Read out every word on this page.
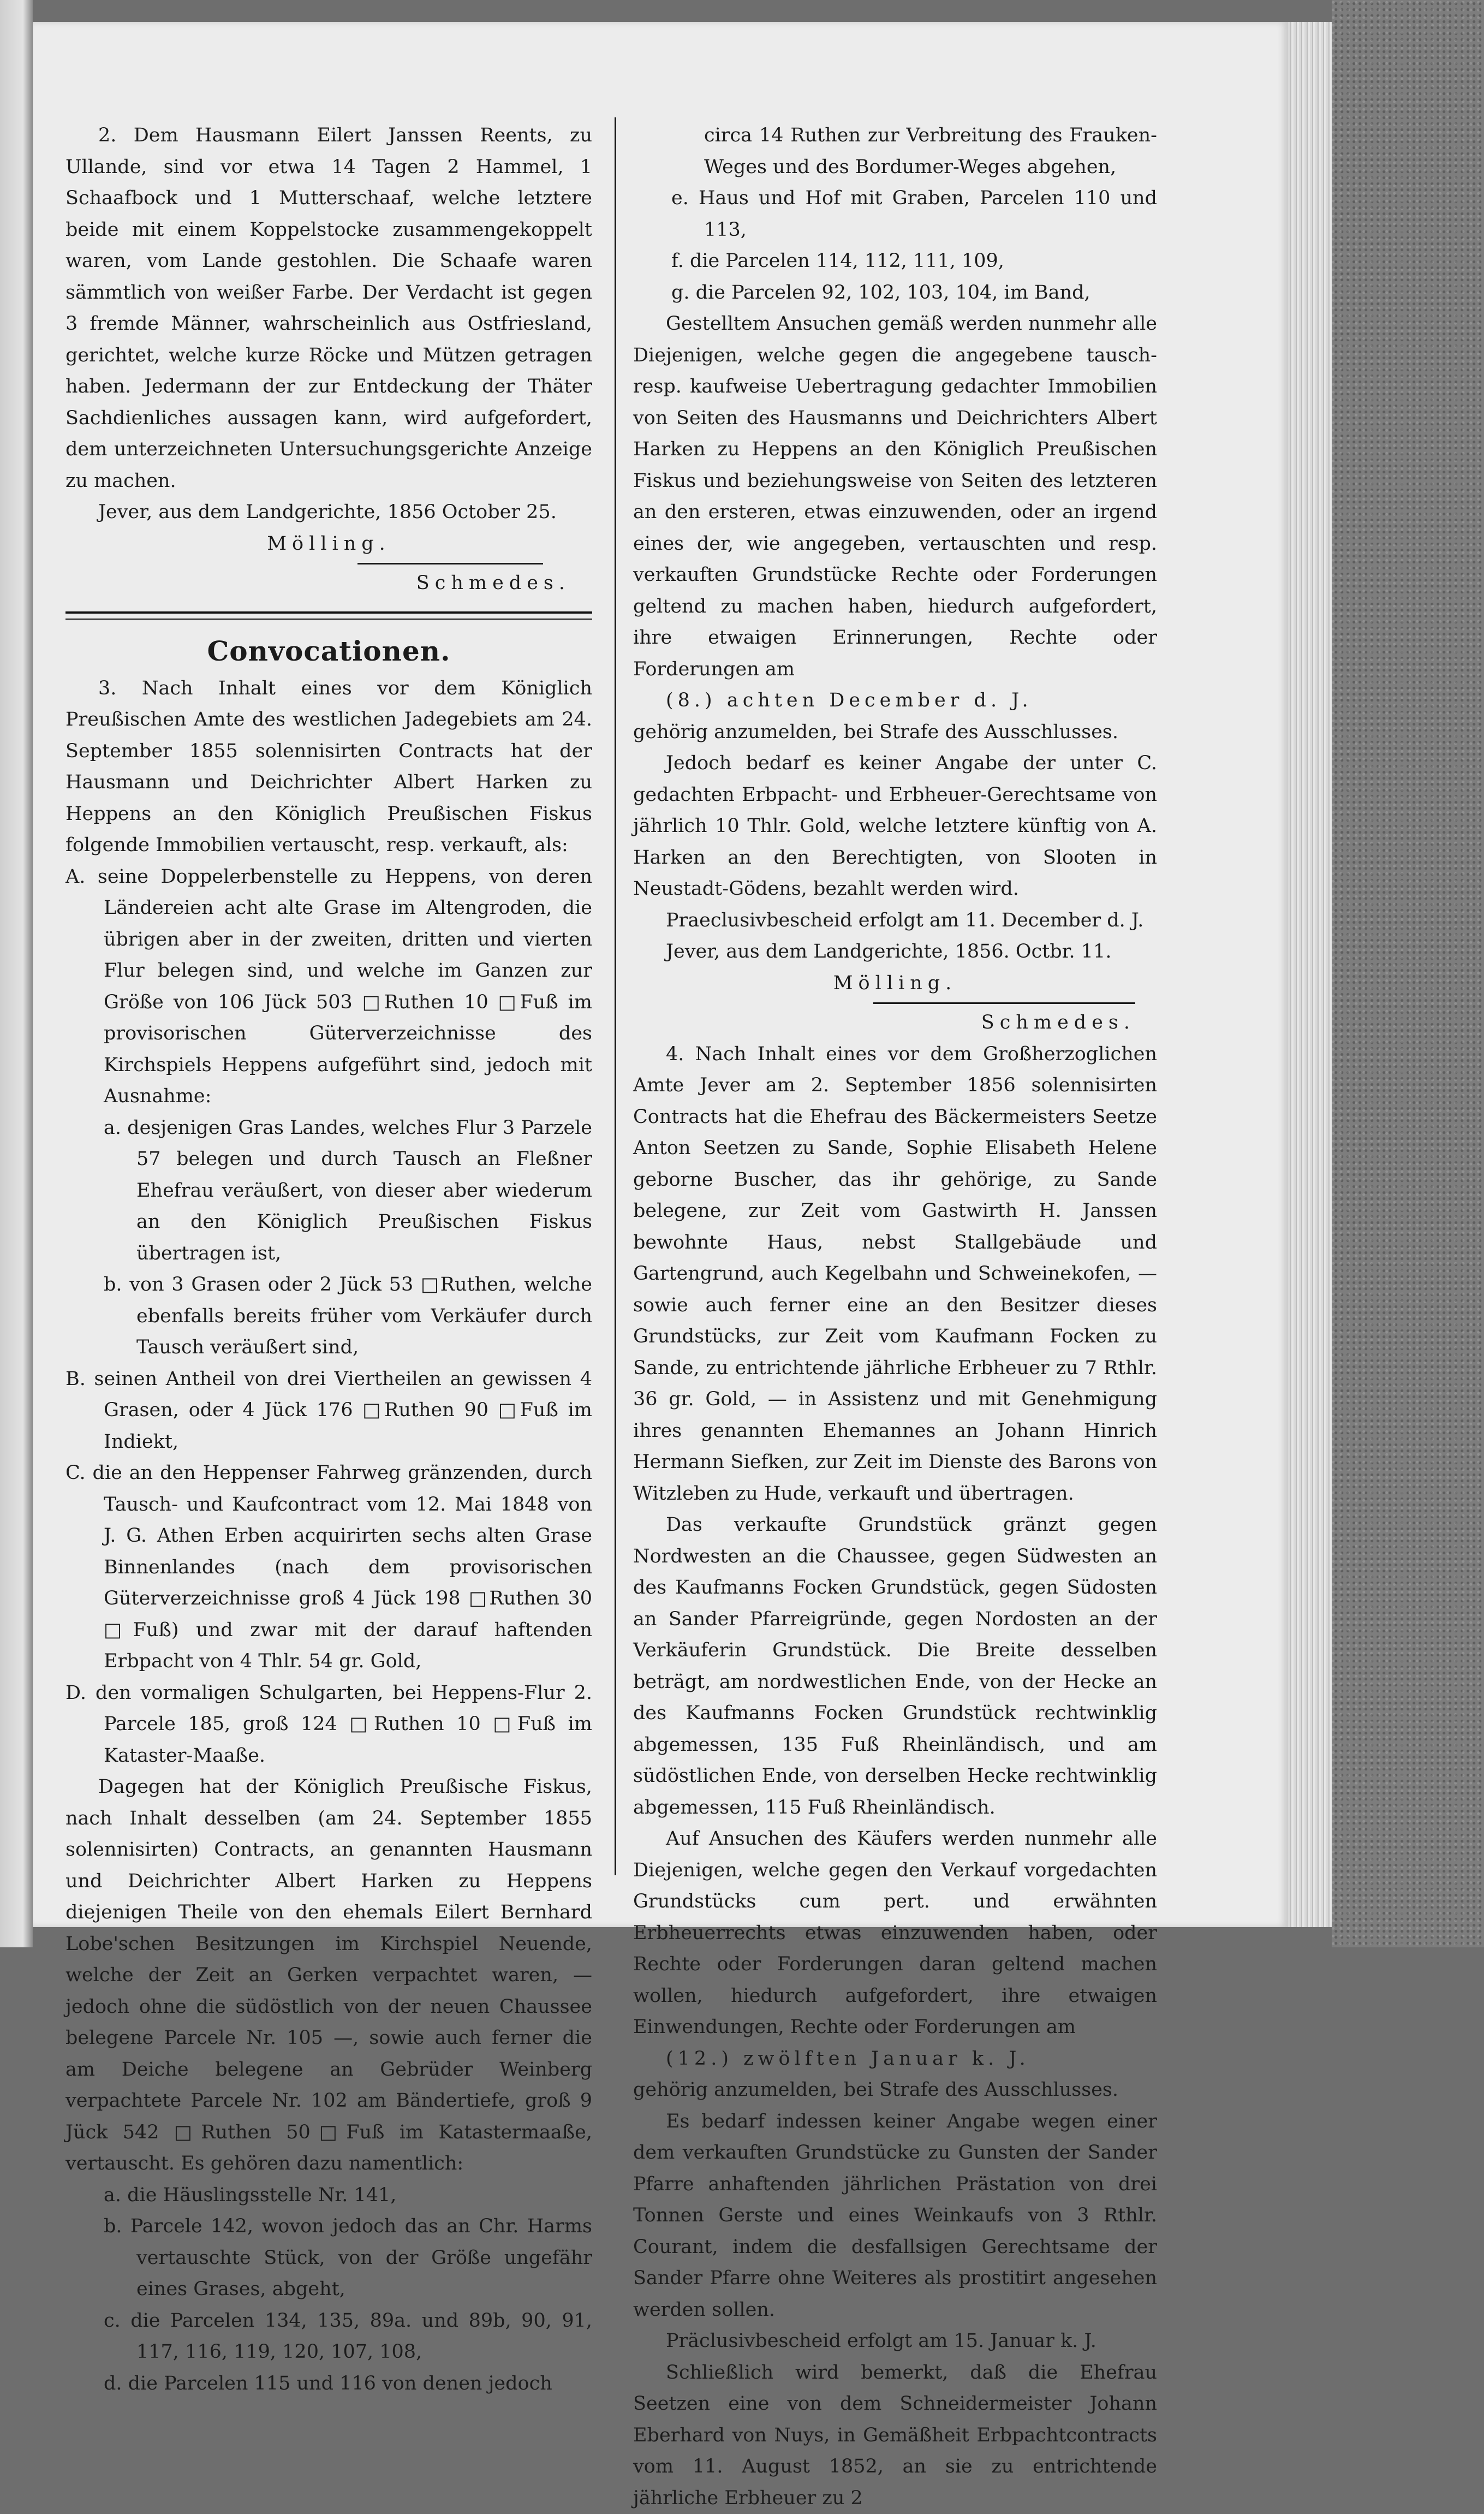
2. Dem Hausmann Eilert Janssen Reents, zu Ullande, sind vor etwa 14 Tagen 2 Hammel, 1 Schaafbock und 1 Mutterschaaf, welche letztere beide mit einem Koppelstocke zusammengekoppelt waren, vom Lande gestohlen. Die Schaafe waren sämmtlich von weißer Farbe. Der Verdacht ist gegen 3 fremde Männer, wahrscheinlich aus Ostfriesland, gerichtet, welche kurze Röcke und Mützen getragen haben. Jedermann der zur Entdeckung der Thäter Sachdienliches aussagen kann, wird aufgefordert, dem unterzeichneten Untersuchungsgerichte Anzeige zu machen.

Jever, aus dem Landgerichte, 1856 October 25.

Mölling.

Schmedes.

Convocationen.

3. Nach Inhalt eines vor dem Königlich Preußischen Amte des westlichen Jadegebiets am 24. September 1855 solennisirten Contracts hat der Hausmann und Deichrichter Albert Harken zu Heppens an den Königlich Preußischen Fiskus folgende Immobilien vertauscht, resp. verkauft, als:

A. seine Doppelerbenstelle zu Heppens, von deren Ländereien acht alte Grase im Altengroden, die übrigen aber in der zweiten, dritten und vierten Flur belegen sind, und welche im Ganzen zur Größe von 106 Jück 503 □Ruthen 10 □Fuß im provisorischen Güterverzeichnisse des Kirchspiels Heppens aufgeführt sind, jedoch mit Ausnahme:

a. desjenigen Gras Landes, welches Flur 3 Parzele 57 belegen und durch Tausch an Fleßner Ehefrau veräußert, von dieser aber wiederum an den Königlich Preußischen Fiskus übertragen ist,

b. von 3 Grasen oder 2 Jück 53 □Ruthen, welche ebenfalls bereits früher vom Verkäufer durch Tausch veräußert sind,

B. seinen Antheil von drei Viertheilen an gewissen 4 Grasen, oder 4 Jück 176 □Ruthen 90 □Fuß im Indiekt,

C. die an den Heppenser Fahrweg gränzenden, durch Tausch- und Kaufcontract vom 12. Mai 1848 von J. G. Athen Erben acquirirten sechs alten Grase Binnenlandes (nach dem provisorischen Güterverzeichnisse groß 4 Jück 198 □Ruthen 30 □Fuß) und zwar mit der darauf haftenden Erbpacht von 4 Thlr. 54 gr. Gold,

D. den vormaligen Schulgarten, bei Heppens-Flur 2. Parcele 185, groß 124 □Ruthen 10 □Fuß im Kataster-Maaße.

Dagegen hat der Königlich Preußische Fiskus, nach Inhalt desselben (am 24. September 1855 solennisirten) Contracts, an genannten Hausmann und Deichrichter Albert Harken zu Heppens diejenigen Theile von den ehemals Eilert Bernhard Lobe'schen Besitzungen im Kirchspiel Neuende, welche der Zeit an Gerken verpachtet waren, — jedoch ohne die südöstlich von der neuen Chaussee belegene Parcele Nr. 105 —, sowie auch ferner die am Deiche belegene an Gebrüder Weinberg verpachtete Parcele Nr. 102 am Bändertiefe, groß 9 Jück 542 □Ruthen 50□Fuß im Katastermaaße, vertauscht. Es gehören dazu namentlich:

a. die Häuslingsstelle Nr. 141,

b. Parcele 142, wovon jedoch das an Chr. Harms vertauschte Stück, von der Größe ungefähr eines Grases, abgeht,

c. die Parcelen 134, 135, 89a. und 89b, 90, 91, 117, 116, 119, 120, 107, 108,

d. die Parcelen 115 und 116 von denen jedoch

circa 14 Ruthen zur Verbreitung des Frauken-Weges und des Bordumer-Weges abgehen,

e. Haus und Hof mit Graben, Parcelen 110 und 113,

f. die Parcelen 114, 112, 111, 109,

g. die Parcelen 92, 102, 103, 104, im Band,

Gestelltem Ansuchen gemäß werden nunmehr alle Diejenigen, welche gegen die angegebene tausch- resp. kaufweise Uebertragung gedachter Immobilien von Seiten des Hausmanns und Deichrichters Albert Harken zu Heppens an den Königlich Preußischen Fiskus und beziehungsweise von Seiten des letzteren an den ersteren, etwas einzuwenden, oder an irgend eines der, wie angegeben, vertauschten und resp. verkauften Grundstücke Rechte oder Forderungen geltend zu machen haben, hiedurch aufgefordert, ihre etwaigen Erinnerungen, Rechte oder Forderungen am

(8.) achten December d. J.

gehörig anzumelden, bei Strafe des Ausschlusses.

Jedoch bedarf es keiner Angabe der unter C. gedachten Erbpacht- und Erbheuer-Gerechtsame von jährlich 10 Thlr. Gold, welche letztere künftig von A. Harken an den Berechtigten, von Slooten in Neustadt-Gödens, bezahlt werden wird.

Praeclusivbescheid erfolgt am 11. December d. J.

Jever, aus dem Landgerichte, 1856. Octbr. 11.

Mölling.

Schmedes.

4. Nach Inhalt eines vor dem Großherzoglichen Amte Jever am 2. September 1856 solennisirten Contracts hat die Ehefrau des Bäckermeisters Seetze Anton Seetzen zu Sande, Sophie Elisabeth Helene geborne Buscher, das ihr gehörige, zu Sande belegene, zur Zeit vom Gastwirth H. Janssen bewohnte Haus, nebst Stallgebäude und Gartengrund, auch Kegelbahn und Schweinekofen, — sowie auch ferner eine an den Besitzer dieses Grundstücks, zur Zeit vom Kaufmann Focken zu Sande, zu entrichtende jährliche Erbheuer zu 7 Rthlr. 36 gr. Gold, — in Assistenz und mit Genehmigung ihres genannten Ehemannes an Johann Hinrich Hermann Siefken, zur Zeit im Dienste des Barons von Witzleben zu Hude, verkauft und übertragen.

Das verkaufte Grundstück gränzt gegen Nordwesten an die Chaussee, gegen Südwesten an des Kaufmanns Focken Grundstück, gegen Südosten an Sander Pfarreigründe, gegen Nordosten an der Verkäuferin Grundstück. Die Breite desselben beträgt, am nordwestlichen Ende, von der Hecke an des Kaufmanns Focken Grundstück rechtwinklig abgemessen, 135 Fuß Rheinländisch, und am südöstlichen Ende, von derselben Hecke rechtwinklig abgemessen, 115 Fuß Rheinländisch.

Auf Ansuchen des Käufers werden nunmehr alle Diejenigen, welche gegen den Verkauf vorgedachten Grundstücks cum pert. und erwähnten Erbheuerrechts etwas einzuwenden haben, oder Rechte oder Forderungen daran geltend machen wollen, hiedurch aufgefordert, ihre etwaigen Einwendungen, Rechte oder Forderungen am

(12.) zwölften Januar k. J.

gehörig anzumelden, bei Strafe des Ausschlusses.

Es bedarf indessen keiner Angabe wegen einer dem verkauften Grundstücke zu Gunsten der Sander Pfarre anhaftenden jährlichen Prästation von drei Tonnen Gerste und eines Weinkaufs von 3 Rthlr. Courant, indem die desfallsigen Gerechtsame der Sander Pfarre ohne Weiteres als prostitirt angesehen werden sollen.

Präclusivbescheid erfolgt am 15. Januar k. J.

Schließlich wird bemerkt, daß die Ehefrau Seetzen eine von dem Schneidermeister Johann Eberhard von Nuys, in Gemäßheit Erbpachtcontracts vom 11. August 1852, an sie zu entrichtende jährliche Erbheuer zu 2
